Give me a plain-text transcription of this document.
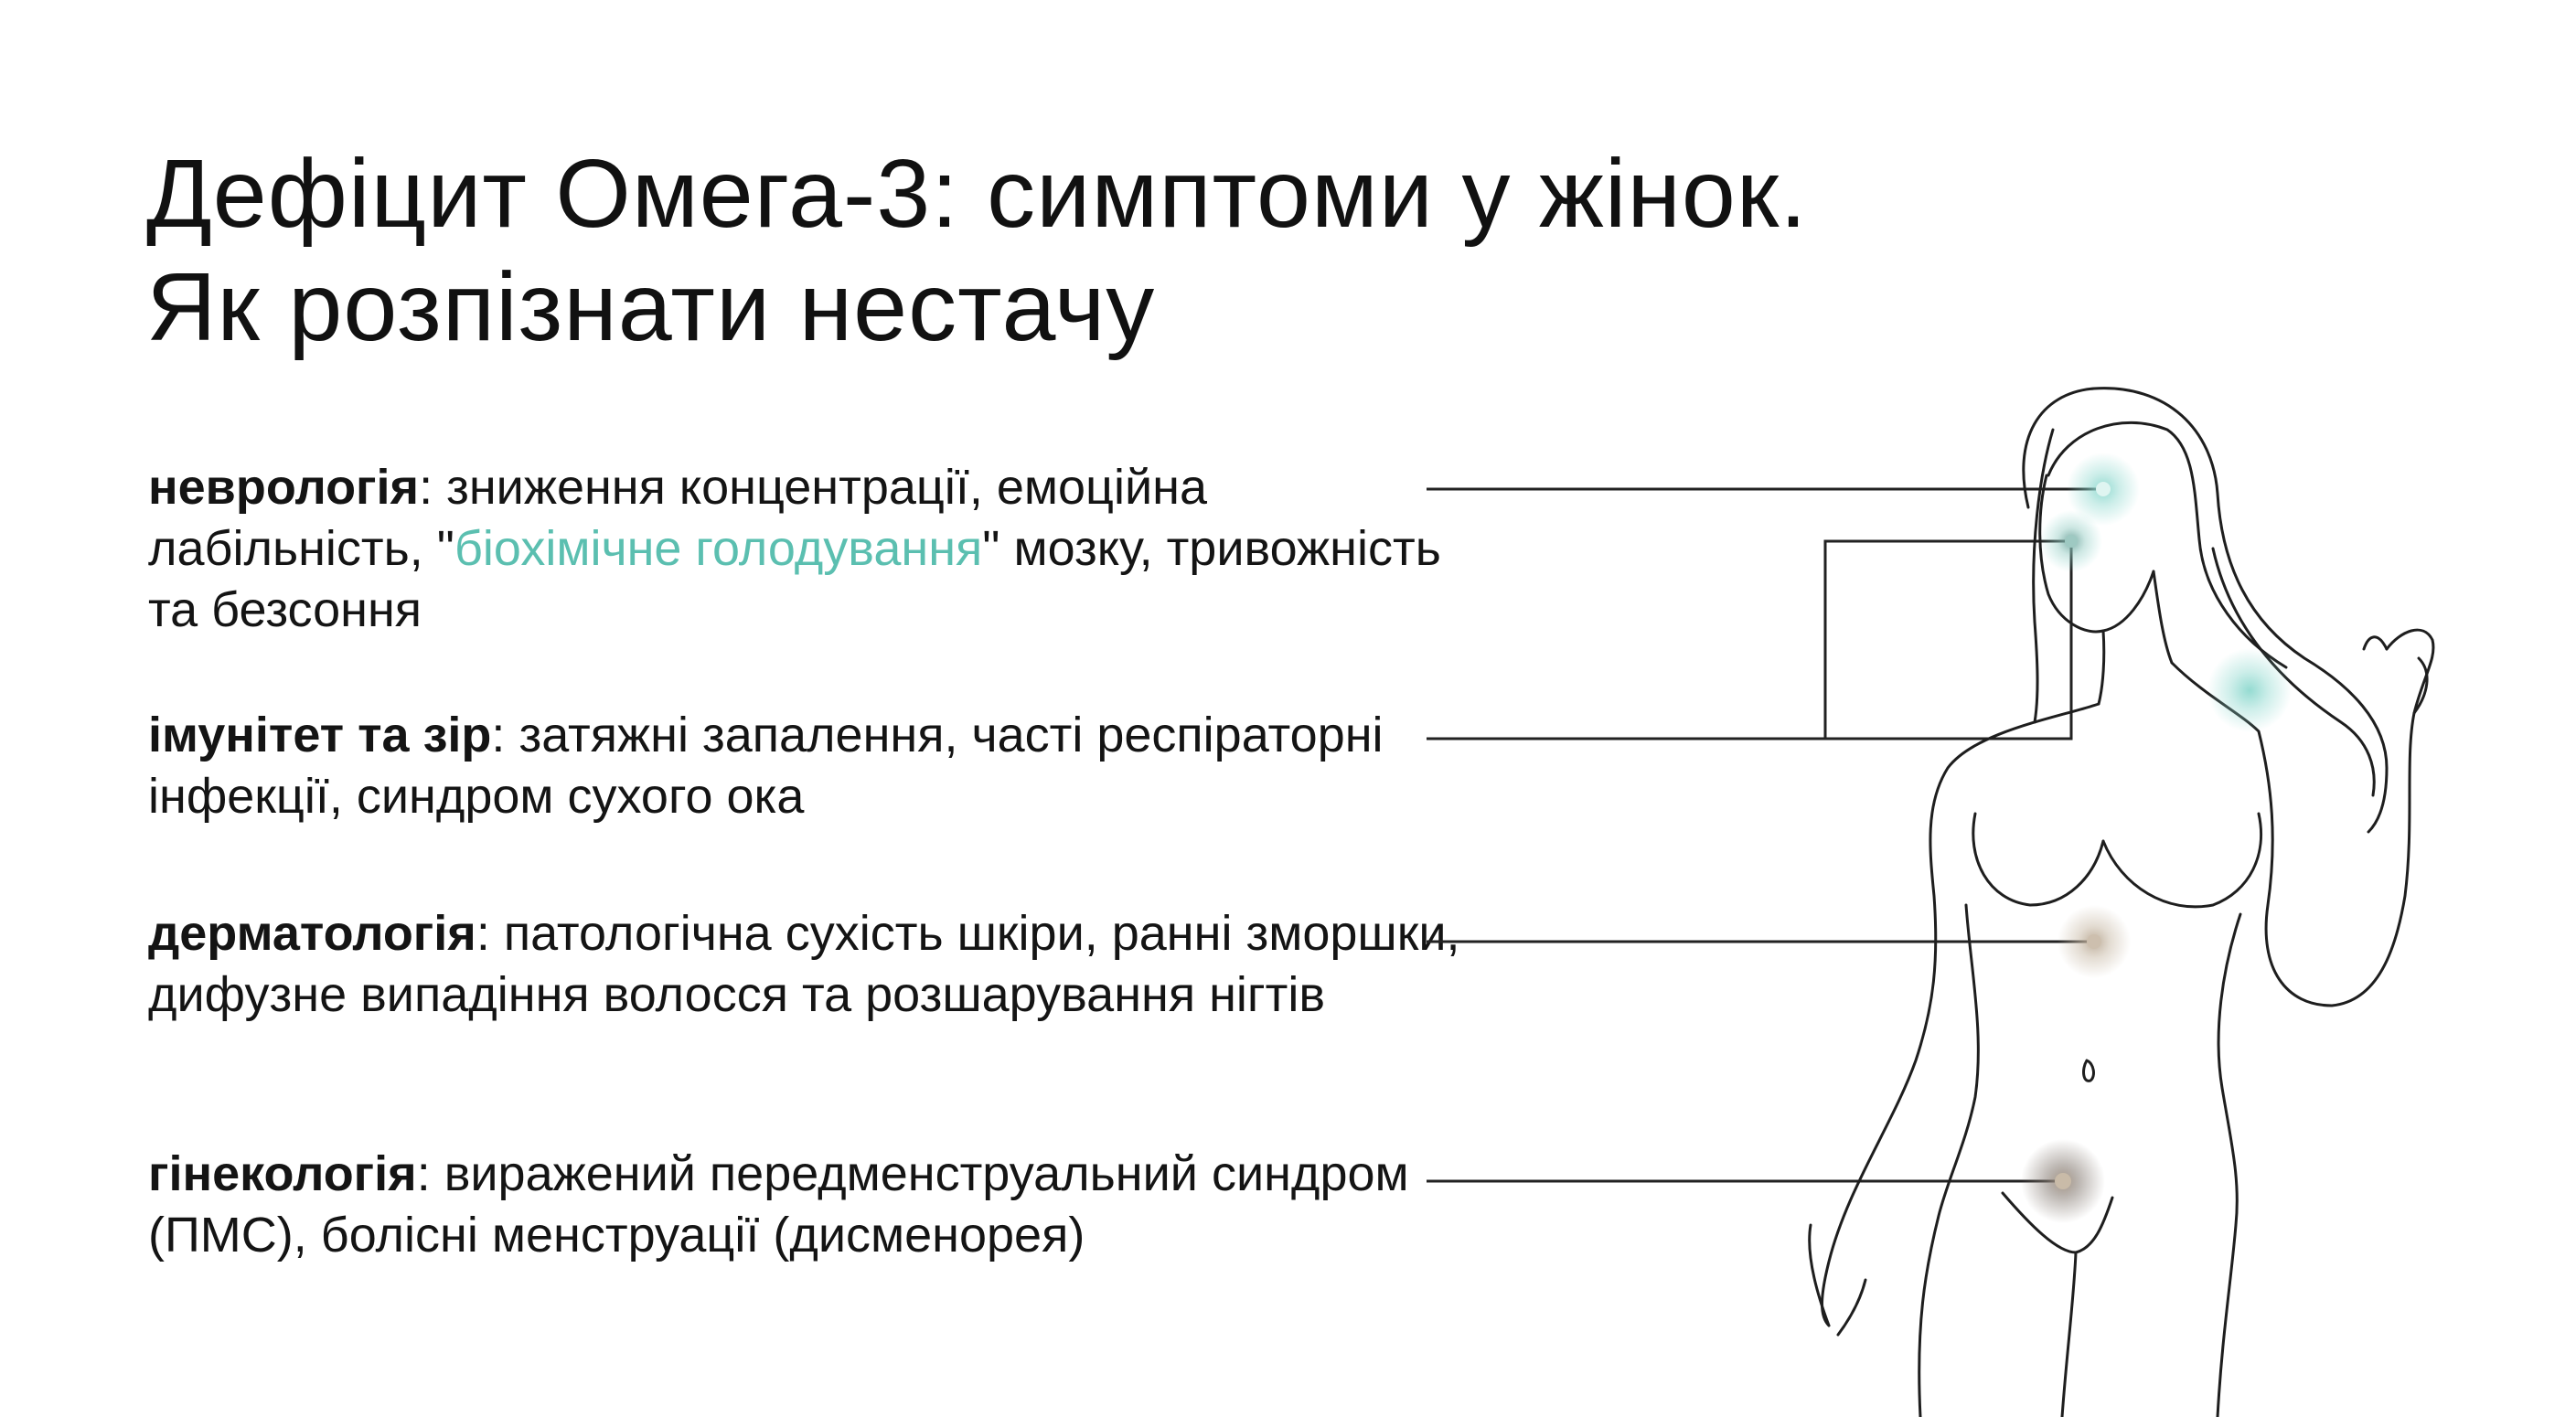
Дефіцит Омега-3: симптоми у жінок.
Як розпізнати нестачу
неврологія: зниження концентрації, емоційна лабільність, "біохімічне голодування" мозку, тривожність та безсоння
імунітет та зір: затяжні запалення, часті респіраторні інфекції, синдром сухого ока
дерматологія: патологічна сухість шкіри, ранні зморшки, дифузне випадіння волосся та розшарування нігтів
гінекологія: виражений передменструальний синдром (ПМС), болісні менструації (дисменорея)
